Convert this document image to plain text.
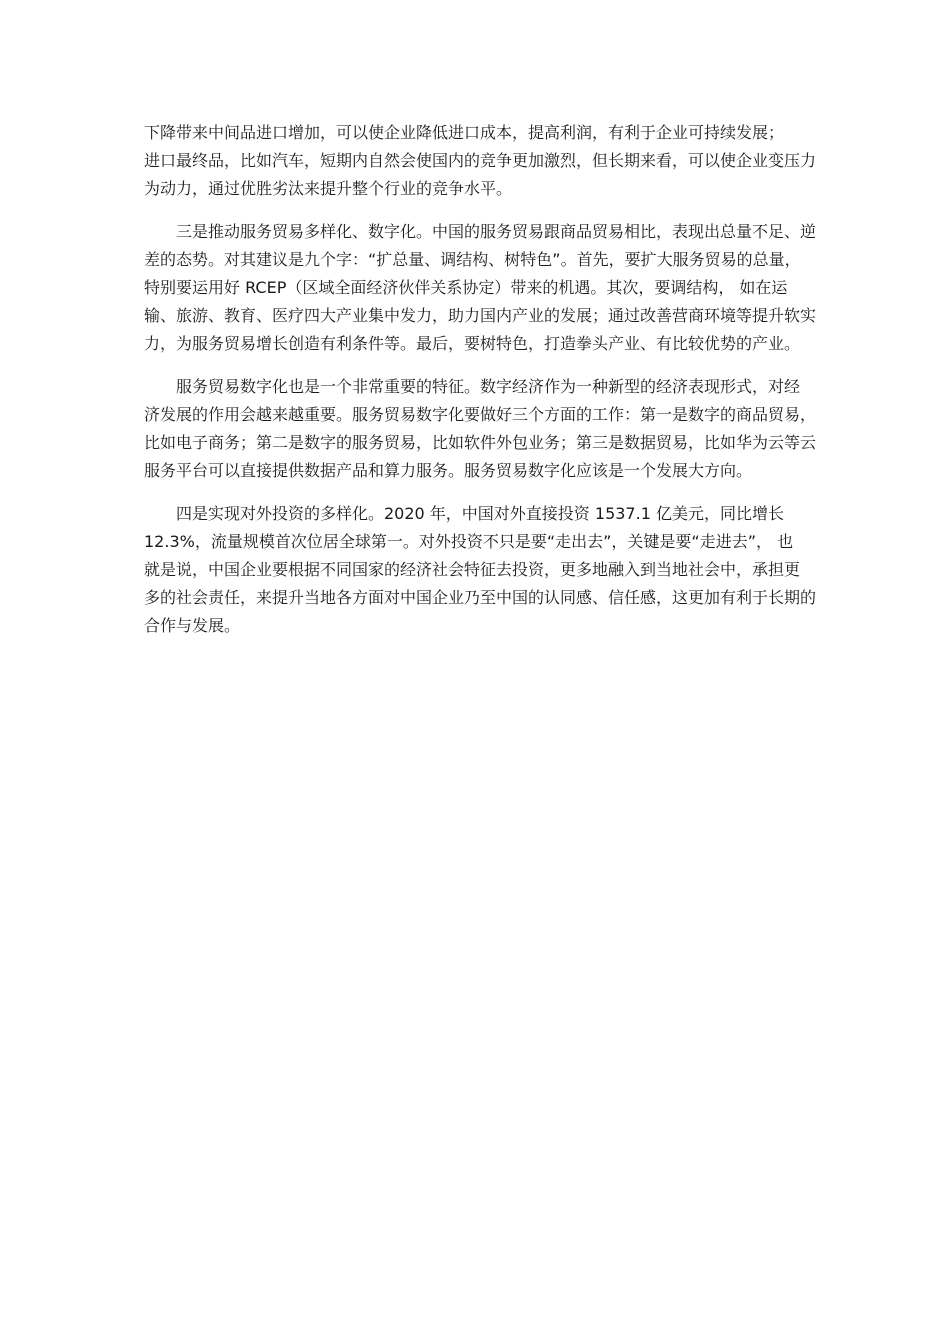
下降带来中间品进口增加，可以使企业降低进口成本，提高利润，有利于企业可持续发展；
进口最终品，比如汽车，短期内自然会使国内的竞争更加激烈，但长期来看，可以使企业变压力
为动力，通过优胜劣汰来提升整个行业的竞争水平。

　　三是推动服务贸易多样化、数字化。中国的服务贸易跟商品贸易相比，表现出总量不足、逆
差的态势。对其建议是九个字：“扩总量、调结构、树特色”。首先，要扩大服务贸易的总量，
特别要运用好 RCEP（区域全面经济伙伴关系协定）带来的机遇。其次，要调结构， 如在运
输、旅游、教育、医疗四大产业集中发力，助力国内产业的发展；通过改善营商环境等提升软实
力，为服务贸易增长创造有利条件等。最后，要树特色，打造拳头产业、有比较优势的产业。

　　服务贸易数字化也是一个非常重要的特征。数字经济作为一种新型的经济表现形式，对经
济发展的作用会越来越重要。服务贸易数字化要做好三个方面的工作：第一是数字的商品贸易，
比如电子商务；第二是数字的服务贸易，比如软件外包业务；第三是数据贸易，比如华为云等云
服务平台可以直接提供数据产品和算力服务。服务贸易数字化应该是一个发展大方向。

　　四是实现对外投资的多样化。2020 年，中国对外直接投资 1537.1 亿美元，同比增长
12.3%，流量规模首次位居全球第一。对外投资不只是要“走出去”，关键是要“走进去”， 也
就是说，中国企业要根据不同国家的经济社会特征去投资，更多地融入到当地社会中，承担更
多的社会责任，来提升当地各方面对中国企业乃至中国的认同感、信任感，这更加有利于长期的
合作与发展。
